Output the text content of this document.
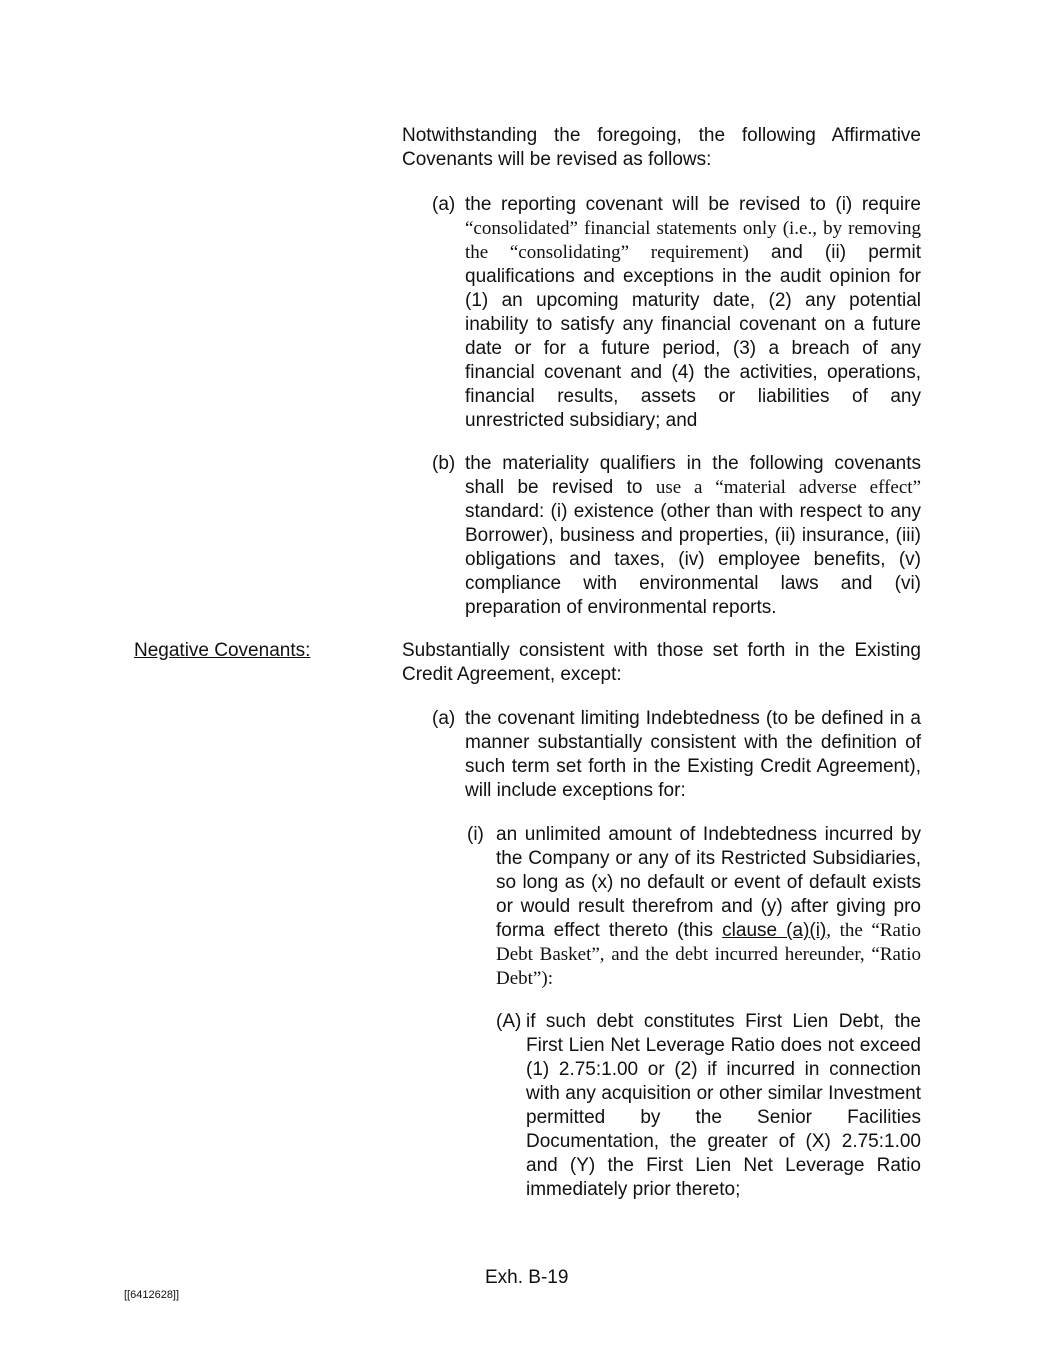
Notwithstanding the foregoing, the following Affirmative Covenants will be revised as follows:

(a) the reporting covenant will be revised to (i) require “consolidated” financial statements only (i.e., by removing the “consolidating” requirement) and (ii) permit qualifications and exceptions in the audit opinion for (1) an upcoming maturity date, (2) any potential inability to satisfy any financial covenant on a future date or for a future period, (3) a breach of any financial covenant and (4) the activities, operations, financial results, assets or liabilities of any unrestricted subsidiary; and

(b) the materiality qualifiers in the following covenants shall be revised to use a “material adverse effect” standard: (i) existence (other than with respect to any Borrower), business and properties, (ii) insurance, (iii) obligations and taxes, (iv) employee benefits, (v) compliance with environmental laws and (vi) preparation of environmental reports.

Negative Covenants:	Substantially consistent with those set forth in the Existing Credit Agreement, except:

(a) the covenant limiting Indebtedness (to be defined in a manner substantially consistent with the definition of such term set forth in the Existing Credit Agreement), will include exceptions for:

(i) an unlimited amount of Indebtedness incurred by the Company or any of its Restricted Subsidiaries, so long as (x) no default or event of default exists or would result therefrom and (y) after giving pro forma effect thereto (this clause (a)(i), the “Ratio Debt Basket”, and the debt incurred hereunder, “Ratio Debt”):

(A) if such debt constitutes First Lien Debt, the First Lien Net Leverage Ratio does not exceed (1) 2.75:1.00 or (2) if incurred in connection with any acquisition or other similar Investment permitted by the Senior Facilities Documentation, the greater of (X) 2.75:1.00 and (Y) the First Lien Net Leverage Ratio immediately prior thereto;

Exh. B-19
[[6412628]]
